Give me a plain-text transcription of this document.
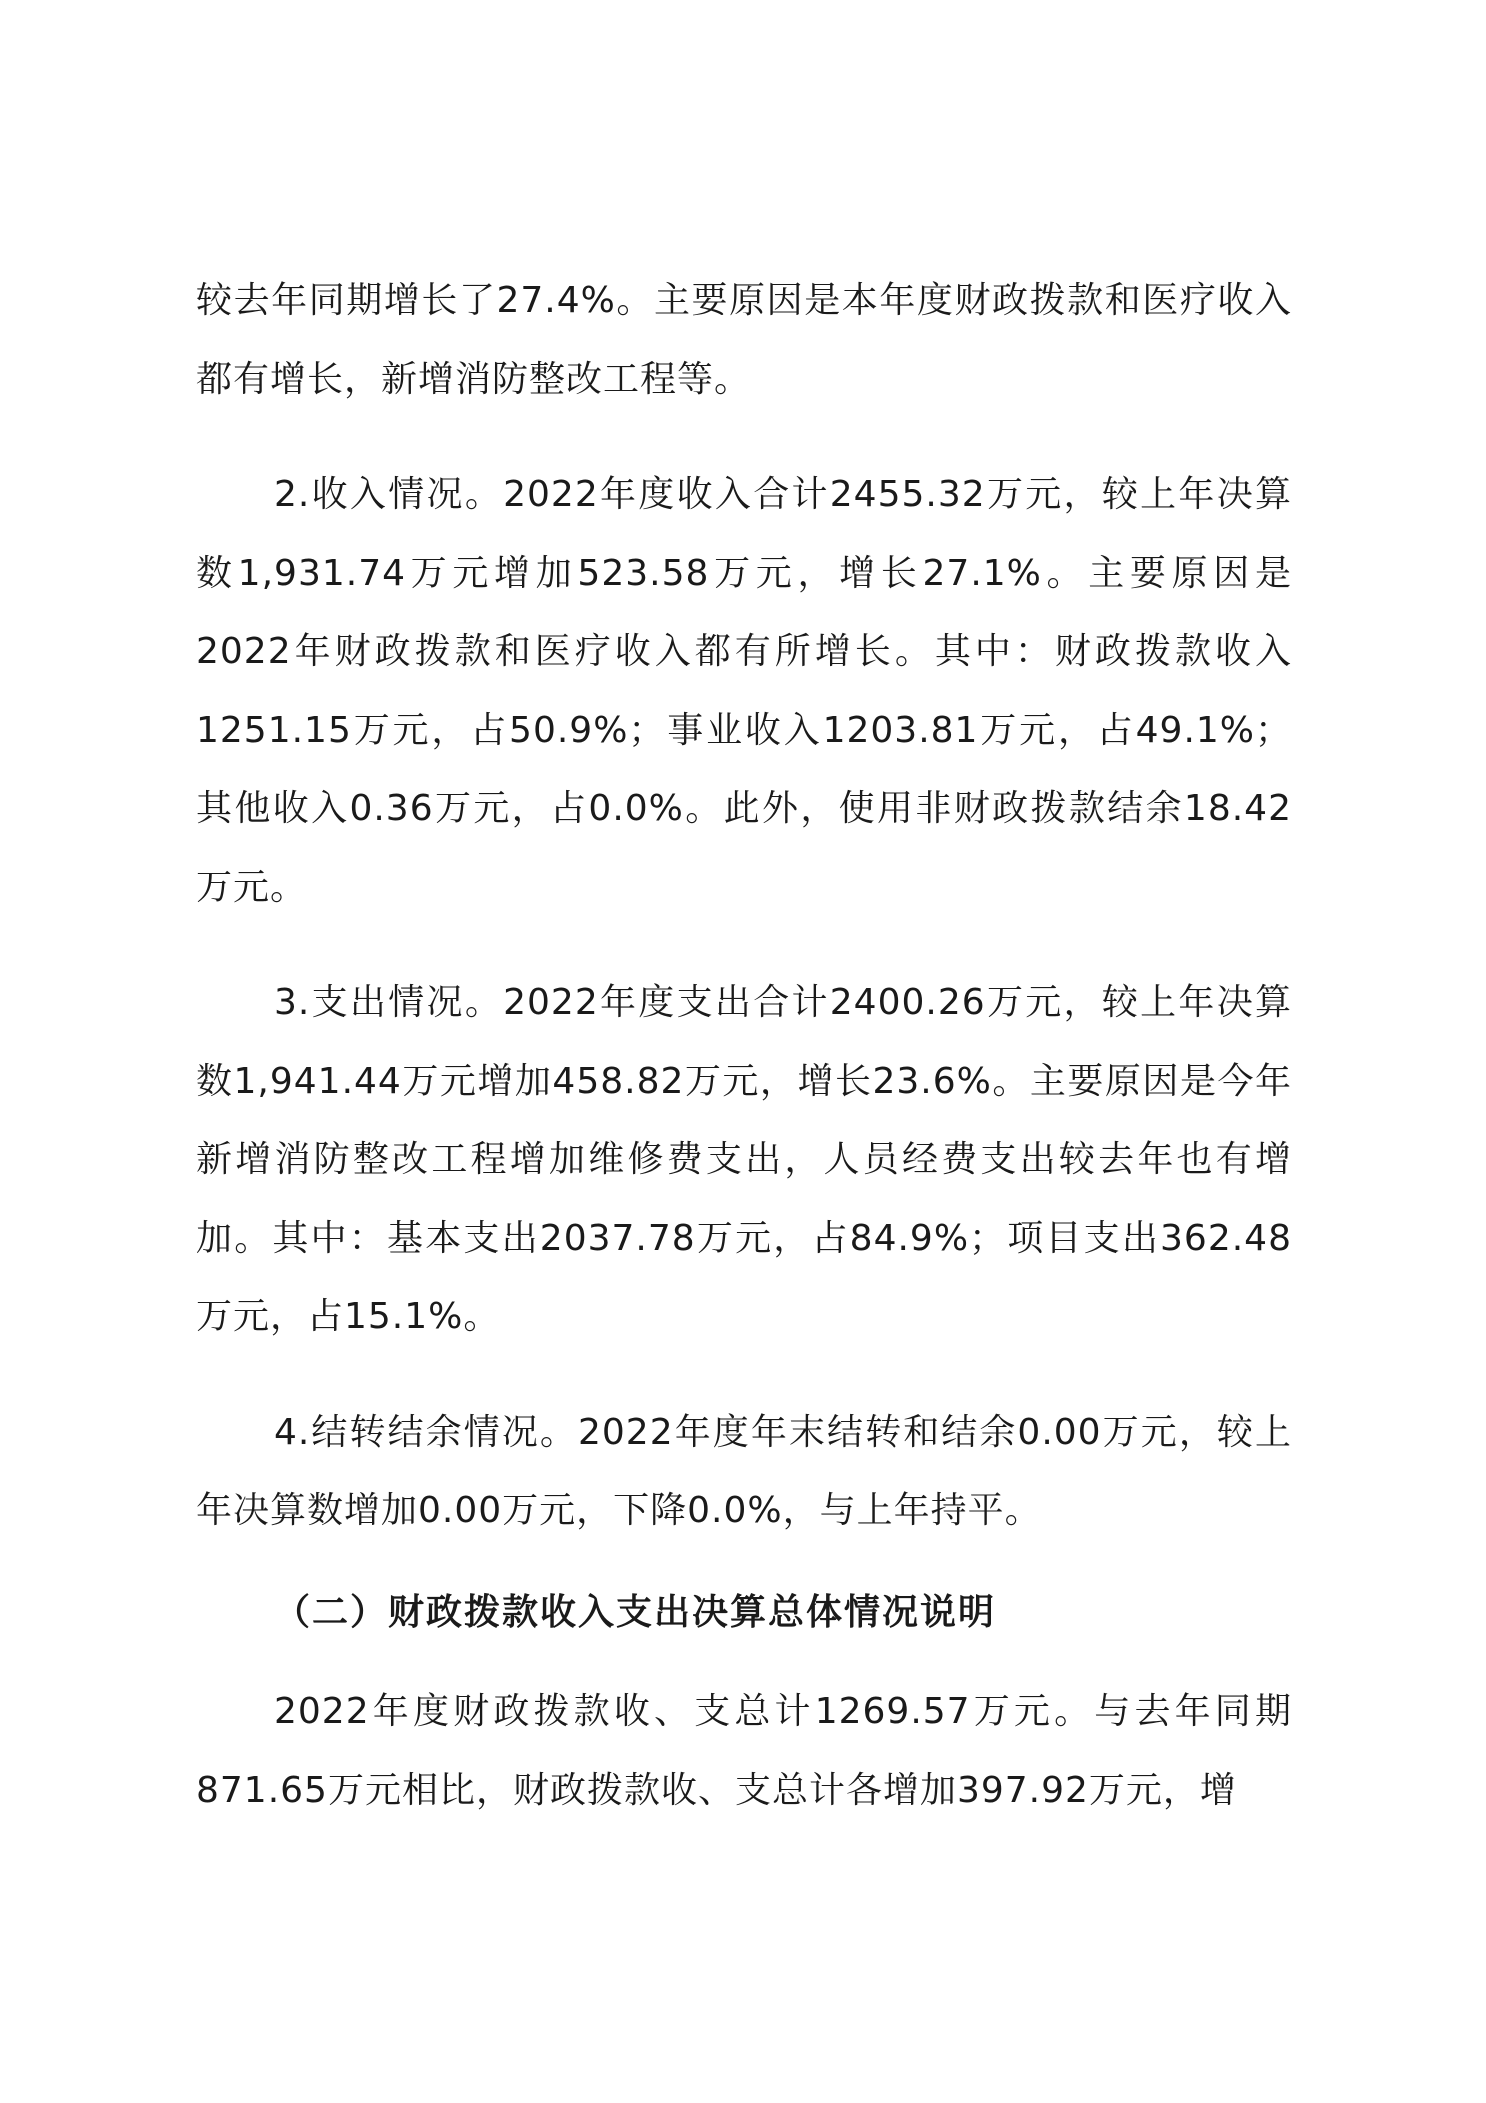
较去年同期增长了27.4%。主要原因是本年度财政拨款和医疗收入都有增长，新增消防整改工程等。

2.收入情况。2022年度收入合计2455.32万元，较上年决算数1,931.74万元增加523.58万元，增长27.1%。主要原因是2022年财政拨款和医疗收入都有所增长。其中：财政拨款收入1251.15万元，占50.9%；事业收入1203.81万元，占49.1%；其他收入0.36万元，占0.0%。此外，使用非财政拨款结余18.42万元。

3.支出情况。2022年度支出合计2400.26万元，较上年决算数1,941.44万元增加458.82万元，增长23.6%。主要原因是今年新增消防整改工程增加维修费支出，人员经费支出较去年也有增加。其中：基本支出2037.78万元，占84.9%；项目支出362.48万元，占15.1%。

4.结转结余情况。2022年度年末结转和结余0.00万元，较上年决算数增加0.00万元，下降0.0%，与上年持平。

（二）财政拨款收入支出决算总体情况说明

2022年度财政拨款收、支总计1269.57万元。与去年同期871.65万元相比，财政拨款收、支总计各增加397.92万元，增
